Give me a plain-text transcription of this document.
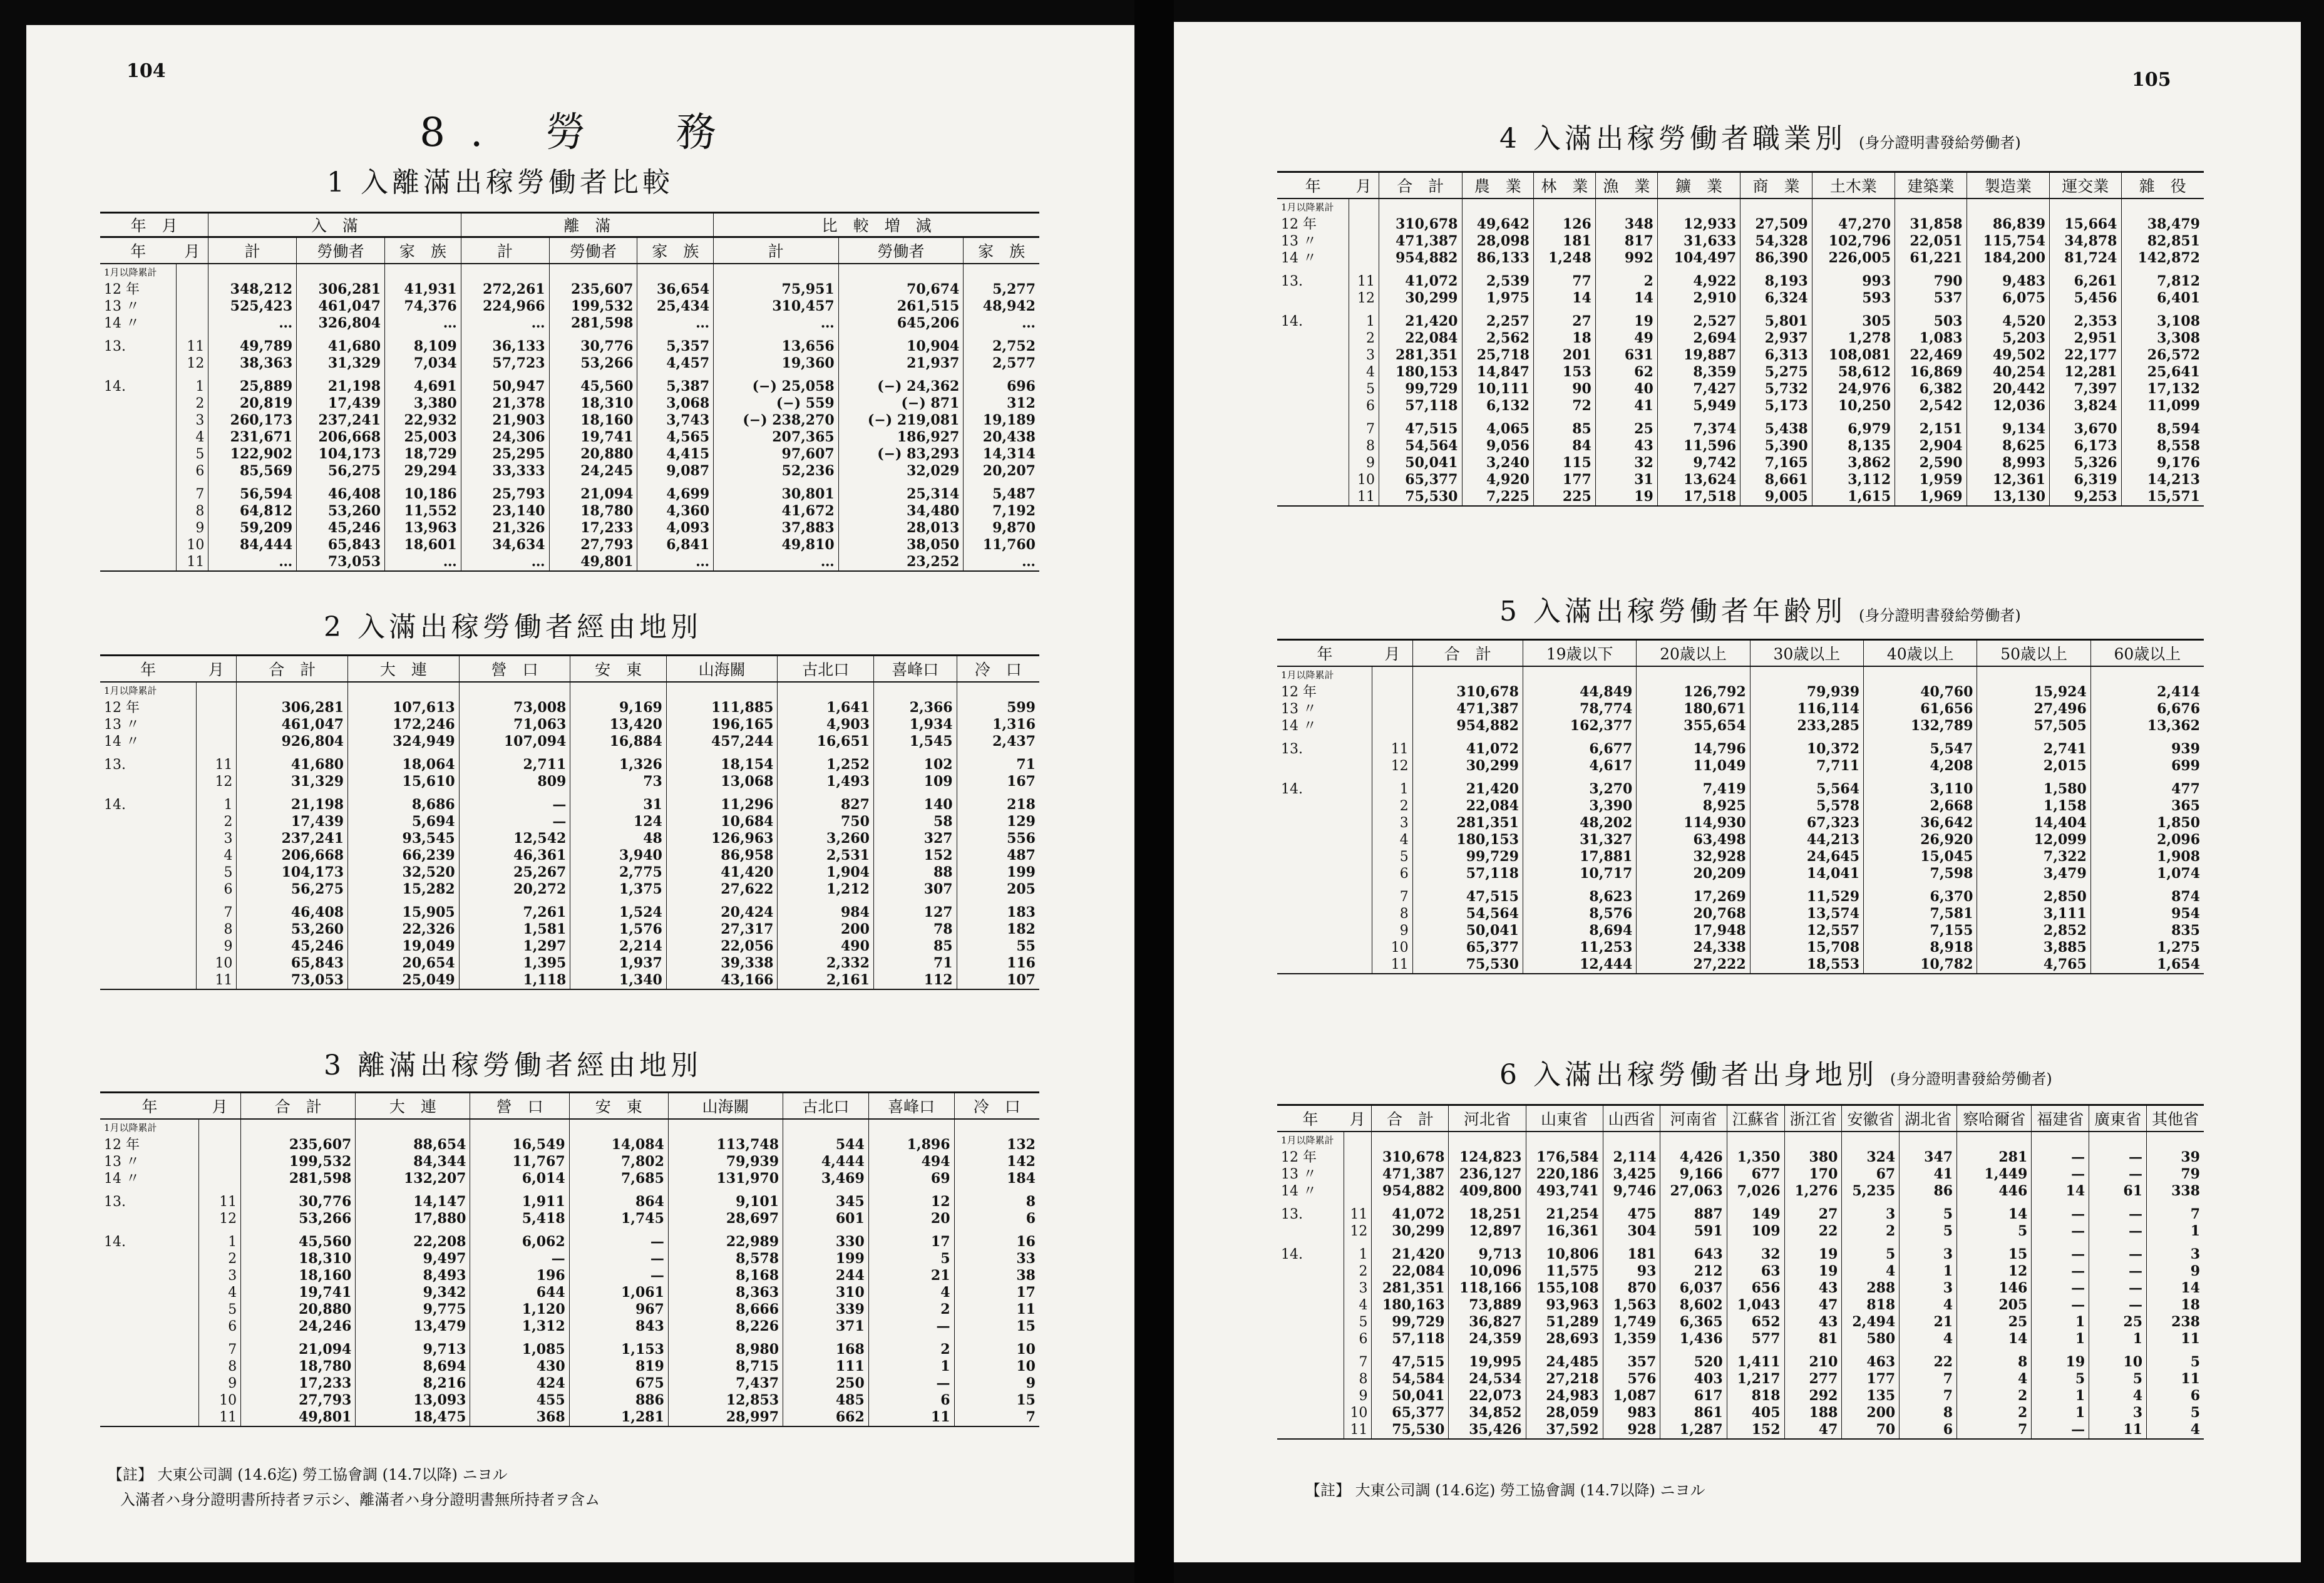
104
8. 勞　務
1 入離滿出稼勞働者比較
年　月		入　滿			離　滿			比　較　増　減		
年	月	計	勞働者	家　族	計	勞働者	家　族	計	勞働者	家　族
1月以降累計										
12 年		348,212	306,281	41,931	272,261	235,607	36,654	75,951	70,674	5,277
13 〃		525,423	461,047	74,376	224,966	199,532	25,434	310,457	261,515	48,942
14 〃		…	326,804	…	…	281,598	…	…	645,206	…
13.	11	49,789	41,680	8,109	36,133	30,776	5,357	13,656	10,904	2,752
	12	38,363	31,329	7,034	57,723	53,266	4,457	19,360	21,937	2,577
14.	1	25,889	21,198	4,691	50,947	45,560	5,387	(−) 25,058	(−) 24,362	696
	2	20,819	17,439	3,380	21,378	18,310	3,068	(−) 559	(−) 871	312
	3	260,173	237,241	22,932	21,903	18,160	3,743	(−) 238,270	(−) 219,081	19,189
	4	231,671	206,668	25,003	24,306	19,741	4,565	207,365	186,927	20,438
	5	122,902	104,173	18,729	25,295	20,880	4,415	97,607	(−) 83,293	14,314
	6	85,569	56,275	29,294	33,333	24,245	9,087	52,236	32,029	20,207
	7	56,594	46,408	10,186	25,793	21,094	4,699	30,801	25,314	5,487
	8	64,812	53,260	11,552	23,140	18,780	4,360	41,672	34,480	7,192
	9	59,209	45,246	13,963	21,326	17,233	4,093	37,883	28,013	9,870
	10	84,444	65,843	18,601	34,634	27,793	6,841	49,810	38,050	11,760
	11	…	73,053	…	…	49,801	…	…	23,252	…
2 入滿出稼勞働者經由地別
年	月	合　計	大　連	營　口	安　東	山海關	古北口	喜峰口	冷　口
1月以降累計									
12 年		306,281	107,613	73,008	9,169	111,885	1,641	2,366	599
13 〃		461,047	172,246	71,063	13,420	196,165	4,903	1,934	1,316
14 〃		926,804	324,949	107,094	16,884	457,244	16,651	1,545	2,437
13.	11	41,680	18,064	2,711	1,326	18,154	1,252	102	71
	12	31,329	15,610	809	73	13,068	1,493	109	167
14.	1	21,198	8,686	—	31	11,296	827	140	218
	2	17,439	5,694	—	124	10,684	750	58	129
	3	237,241	93,545	12,542	48	126,963	3,260	327	556
	4	206,668	66,239	46,361	3,940	86,958	2,531	152	487
	5	104,173	32,520	25,267	2,775	41,420	1,904	88	199
	6	56,275	15,282	20,272	1,375	27,622	1,212	307	205
	7	46,408	15,905	7,261	1,524	20,424	984	127	183
	8	53,260	22,326	1,581	1,576	27,317	200	78	182
	9	45,246	19,049	1,297	2,214	22,056	490	85	55
	10	65,843	20,654	1,395	1,937	39,338	2,332	71	116
	11	73,053	25,049	1,118	1,340	43,166	2,161	112	107
3 離滿出稼勞働者經由地別
年	月	合　計	大　連	營　口	安　東	山海關	古北口	喜峰口	冷　口
1月以降累計									
12 年		235,607	88,654	16,549	14,084	113,748	544	1,896	132
13 〃		199,532	84,344	11,767	7,802	79,939	4,444	494	142
14 〃		281,598	132,207	6,014	7,685	131,970	3,469	69	184
13.	11	30,776	14,147	1,911	864	9,101	345	12	8
	12	53,266	17,880	5,418	1,745	28,697	601	20	6
14.	1	45,560	22,208	6,062	—	22,989	330	17	16
	2	18,310	9,497	—	—	8,578	199	5	33
	3	18,160	8,493	196	—	8,168	244	21	38
	4	19,741	9,342	644	1,061	8,363	310	4	17
	5	20,880	9,775	1,120	967	8,666	339	2	11
	6	24,246	13,479	1,312	843	8,226	371	—	15
	7	21,094	9,713	1,085	1,153	8,980	168	2	10
	8	18,780	8,694	430	819	8,715	111	1	10
	9	17,233	8,216	424	675	7,437	250	—	9
	10	27,793	13,093	455	886	12,853	485	6	15
	11	49,801	18,475	368	1,281	28,997	662	11	7
【註】 大東公司調 (14.6迄) 勞工協會調 (14.7以降) ニヨル
入滿者ハ身分證明書所持者ヲ示シ、離滿者ハ身分證明書無所持者ヲ含ム
105
4 入滿出稼勞働者職業別 (身分證明書發給勞働者)
年	月	合　計	農　業	林　業	漁　業	鑛　業	商　業	土木業	建築業	製造業	運交業	雜　役
1月以降累計												
12 年		310,678	49,642	126	348	12,933	27,509	47,270	31,858	86,839	15,664	38,479
13 〃		471,387	28,098	181	817	31,633	54,328	102,796	22,051	115,754	34,878	82,851
14 〃		954,882	86,133	1,248	992	104,497	86,390	226,005	61,221	184,200	81,724	142,872
13.	11	41,072	2,539	77	2	4,922	8,193	993	790	9,483	6,261	7,812
	12	30,299	1,975	14	14	2,910	6,324	593	537	6,075	5,456	6,401
14.	1	21,420	2,257	27	19	2,527	5,801	305	503	4,520	2,353	3,108
	2	22,084	2,562	18	49	2,694	2,937	1,278	1,083	5,203	2,951	3,308
	3	281,351	25,718	201	631	19,887	6,313	108,081	22,469	49,502	22,177	26,572
	4	180,153	14,847	153	62	8,359	5,275	58,612	16,869	40,254	12,281	25,641
	5	99,729	10,111	90	40	7,427	5,732	24,976	6,382	20,442	7,397	17,132
	6	57,118	6,132	72	41	5,949	5,173	10,250	2,542	12,036	3,824	11,099
	7	47,515	4,065	85	25	7,374	5,438	6,979	2,151	9,134	3,670	8,594
	8	54,564	9,056	84	43	11,596	5,390	8,135	2,904	8,625	6,173	8,558
	9	50,041	3,240	115	32	9,742	7,165	3,862	2,590	8,993	5,326	9,176
	10	65,377	4,920	177	31	13,624	8,661	3,112	1,959	12,361	6,319	14,213
	11	75,530	7,225	225	19	17,518	9,005	1,615	1,969	13,130	9,253	15,571
5 入滿出稼勞働者年齢別 (身分證明書發給勞働者)
年	月	合　計	19歳以下	20歳以上	30歳以上	40歳以上	50歳以上	60歳以上
1月以降累計								
12 年		310,678	44,849	126,792	79,939	40,760	15,924	2,414
13 〃		471,387	78,774	180,671	116,114	61,656	27,496	6,676
14 〃		954,882	162,377	355,654	233,285	132,789	57,505	13,362
13.	11	41,072	6,677	14,796	10,372	5,547	2,741	939
	12	30,299	4,617	11,049	7,711	4,208	2,015	699
14.	1	21,420	3,270	7,419	5,564	3,110	1,580	477
	2	22,084	3,390	8,925	5,578	2,668	1,158	365
	3	281,351	48,202	114,930	67,323	36,642	14,404	1,850
	4	180,153	31,327	63,498	44,213	26,920	12,099	2,096
	5	99,729	17,881	32,928	24,645	15,045	7,322	1,908
	6	57,118	10,717	20,209	14,041	7,598	3,479	1,074
	7	47,515	8,623	17,269	11,529	6,370	2,850	874
	8	54,564	8,576	20,768	13,574	7,581	3,111	954
	9	50,041	8,694	17,948	12,557	7,155	2,852	835
	10	65,377	11,253	24,338	15,708	8,918	3,885	1,275
	11	75,530	12,444	27,222	18,553	10,782	4,765	1,654
6 入滿出稼勞働者出身地別 (身分證明書發給勞働者)
年	月	合　計	河北省	山東省	山西省	河南省	江蘇省	浙江省	安徽省	湖北省	察哈爾省	福建省	廣東省	其他省
1月以降累計														
12 年		310,678	124,823	176,584	2,114	4,426	1,350	380	324	347	281	—	—	39
13 〃		471,387	236,127	220,186	3,425	9,166	677	170	67	41	1,449	—	—	79
14 〃		954,882	409,800	493,741	9,746	27,063	7,026	1,276	5,235	86	446	14	61	338
13.	11	41,072	18,251	21,254	475	887	149	27	3	5	14	—	—	7
	12	30,299	12,897	16,361	304	591	109	22	2	5	5	—	—	1
14.	1	21,420	9,713	10,806	181	643	32	19	5	3	15	—	—	3
	2	22,084	10,096	11,575	93	212	63	19	4	1	12	—	—	9
	3	281,351	118,166	155,108	870	6,037	656	43	288	3	146	—	—	14
	4	180,163	73,889	93,963	1,563	8,602	1,043	47	818	4	205	—	—	18
	5	99,729	36,827	51,289	1,749	6,365	652	43	2,494	21	25	1	25	238
	6	57,118	24,359	28,693	1,359	1,436	577	81	580	4	14	1	1	11
	7	47,515	19,995	24,485	357	520	1,411	210	463	22	8	19	10	5
	8	54,584	24,534	27,218	576	403	1,217	277	177	7	4	5	5	11
	9	50,041	22,073	24,983	1,087	617	818	292	135	7	2	1	4	6
	10	65,377	34,852	28,059	983	861	405	188	200	8	2	1	3	5
	11	75,530	35,426	37,592	928	1,287	152	47	70	6	7	—	11	4
【註】 大東公司調 (14.6迄) 勞工協會調 (14.7以降) ニヨル
